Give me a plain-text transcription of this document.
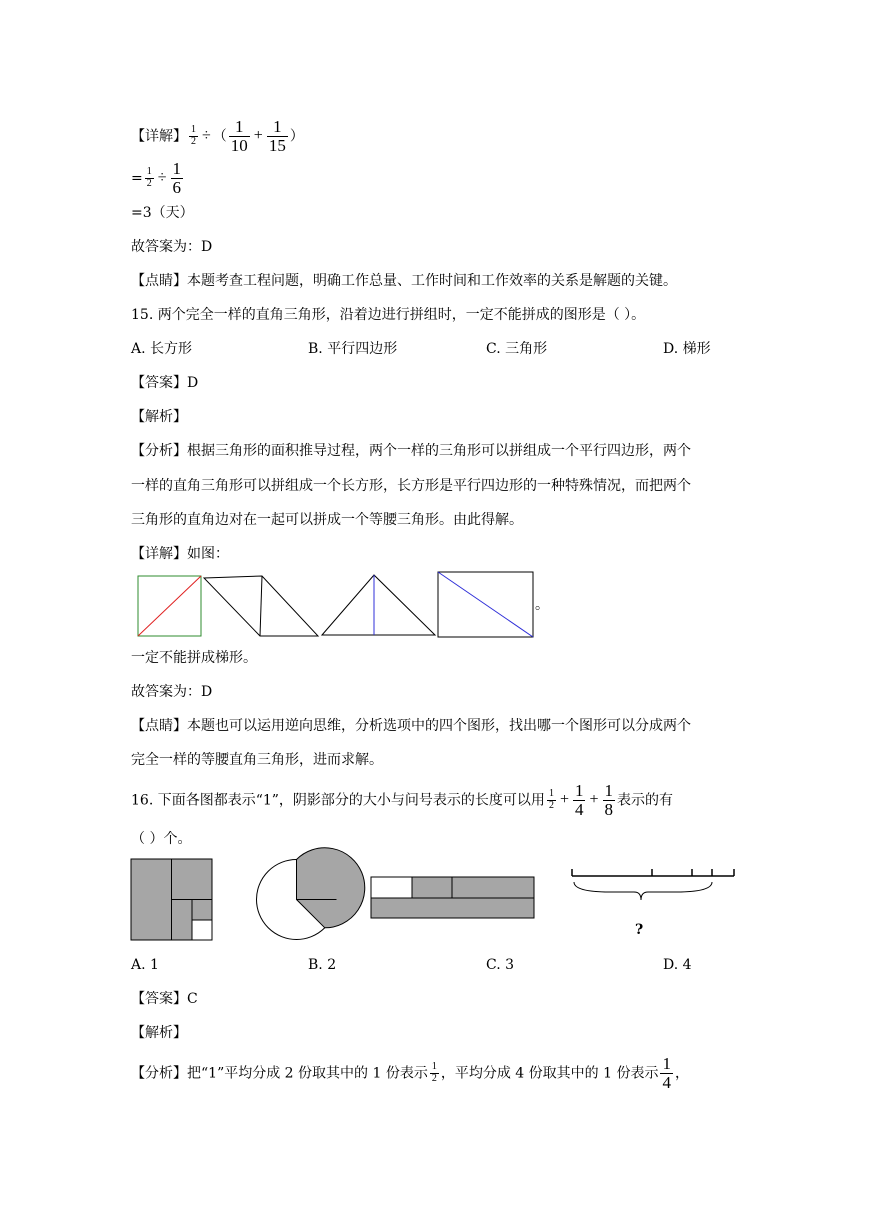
【详解】 $\frac{1}{2}$ ÷ （ $\frac{1}{10} + \frac{1}{15}$ ）
= $\frac{1}{2} \div \frac{1}{6}$
=3（天）
故答案为：D
【点睛】本题考查工程问题，明确工作总量、工作时间和工作效率的关系是解题的关键。
15. 两个完全一样的直角三角形，沿着边进行拼组时，一定不能拼成的图形是（ ）。
A. 长方形	B. 平行四边形	C. 三角形	D. 梯形
【答案】D
【解析】
【分析】根据三角形的面积推导过程，两个一样的三角形可以拼组成一个平行四边形，两个
一样的直角三角形可以拼组成一个长方形，长方形是平行四边形的一种特殊情况，而把两个
三角形的直角边对在一起可以拼成一个等腰三角形。由此得解。
【详解】如图：
。
一定不能拼成梯形。
故答案为：D
【点睛】本题也可以运用逆向思维，分析选项中的四个图形，找出哪一个图形可以分成两个
完全一样的等腰直角三角形，进而求解。
16. 下面各图都表示“1”，阴影部分的大小与问号表示的长度可以用 $\frac{1}{2} + \frac{1}{4} + \frac{1}{8}$ 表示的有
（ ）个。
?
A. 1	B. 2	C. 3	D. 4
【答案】C
【解析】
【分析】把“1”平均分成 2 份取其中的 1 份表示 $\frac{1}{2}$ ，平均分成 4 份取其中的 1 份表示 $\frac{1}{4}$ ，
